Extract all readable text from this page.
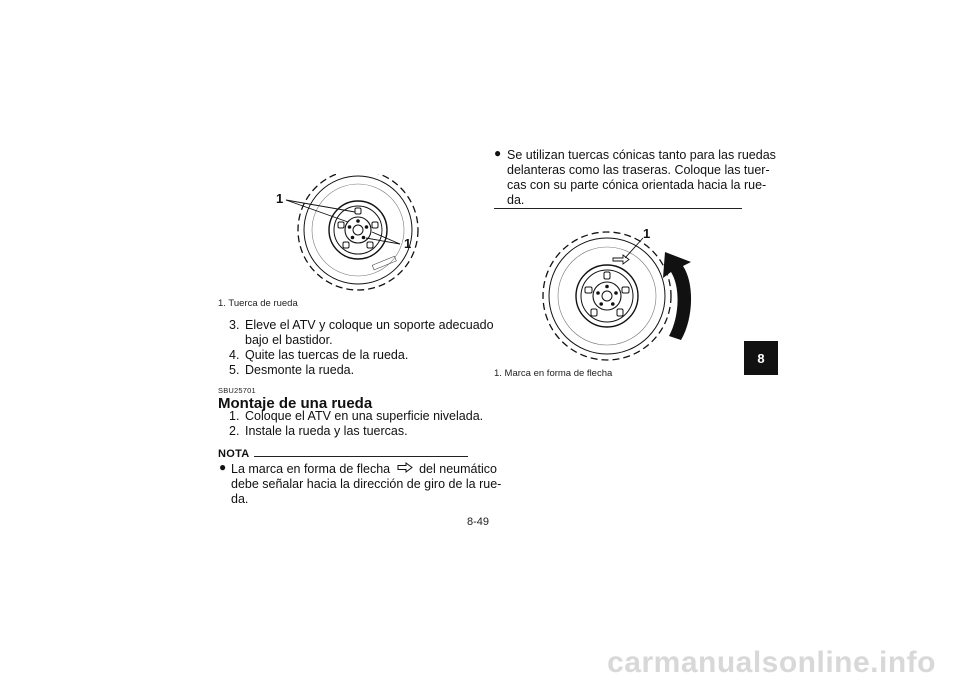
1
1
1. Tuerca de rueda
3. Eleve el ATV y coloque un soporte adecuado
bajo el bastidor.
4. Quite las tuercas de la rueda.
5. Desmonte la rueda.
SBU25701
Montaje de una rueda
1. Coloque el ATV en una superficie nivelada.
2. Instale la rueda y las tuercas.
NOTA
● La marca en forma de flecha del neumático
debe señalar hacia la dirección de giro de la rue-
da.
● Se utilizan tuercas cónicas tanto para las ruedas
delanteras como las traseras. Coloque las tuer-
cas con su parte cónica orientada hacia la rue-
da.
1
1. Marca en forma de flecha
8
8-49
carmanualsonline.info
